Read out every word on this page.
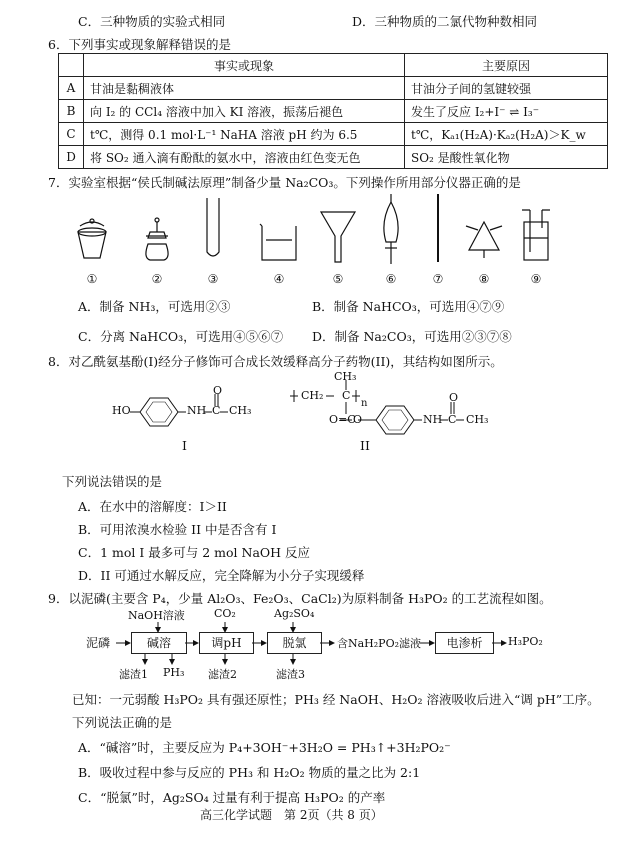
C．三种物质的实验式相同	D．三种物质的二氯代物种数相同
6．下列事实或现象解释错误的是
	事实或现象	主要原因
A	甘油是黏稠液体	甘油分子间的氢键较强
B	向 I₂ 的 CCl₄ 溶液中加入 KI 溶液，振荡后褪色	发生了反应 I₂+I⁻ ⇌ I₃⁻
C	t℃，测得 0.1 mol·L⁻¹ NaHA 溶液 pH 约为 6.5	t℃，Kₐ₁(H₂A)·Kₐ₂(H₂A)＞K_w
D	将 SO₂ 通入滴有酚酞的氨水中，溶液由红色变无色	SO₂ 是酸性氧化物
7．实验室根据“侯氏制碱法原理”制备少量 Na₂CO₃。下列操作所用部分仪器正确的是
①	②	③	④	⑤	⑥	⑦	⑧	⑨
A．制备 NH₃，可选用②③	B．制备 NaHCO₃，可选用④⑦⑨
C．分离 NaHCO₃，可选用④⑤⑥⑦ D．制备 Na₂CO₃，可选用②③⑦⑧
8．对乙酰氨基酚(I)经分子修饰可合成长效缓释高分子药物(II)，其结构如图所示。
HO	NH C CH₃
O
I
CH₃
CH₂ C
n
O=C
O	NH C CH₃
O
II
下列说法错误的是
A．在水中的溶解度：I＞II
B．可用浓溴水检验 II 中是否含有 I
C．1 mol I 最多可与 2 mol NaOH 反应
D．II 可通过水解反应，完全降解为小分子实现缓释
9．以泥磷(主要含 P₄，少量 Al₂O₃、Fe₂O₃、CaCl₂)为原料制备 H₃PO₂ 的工艺流程如图。
泥磷	碱溶	调pH	脱氯	含NaH₂PO₂滤液	电渗析	H₃PO₂
NaOH溶液	CO₂	Ag₂SO₄
滤渣1 PH₃ 滤渣2	滤渣3
已知：一元弱酸 H₃PO₂ 具有强还原性；PH₃ 经 NaOH、H₂O₂ 溶液吸收后进入“调 pH”工序。
下列说法正确的是
A．“碱溶”时，主要反应为 P₄+3OH⁻+3H₂O = PH₃↑+3H₂PO₂⁻
B．吸收过程中参与反应的 PH₃ 和 H₂O₂ 物质的量之比为 2:1
C．“脱氯”时，Ag₂SO₄ 过量有利于提高 H₃PO₂ 的产率
高三化学试题　第 2页（共 8 页）
